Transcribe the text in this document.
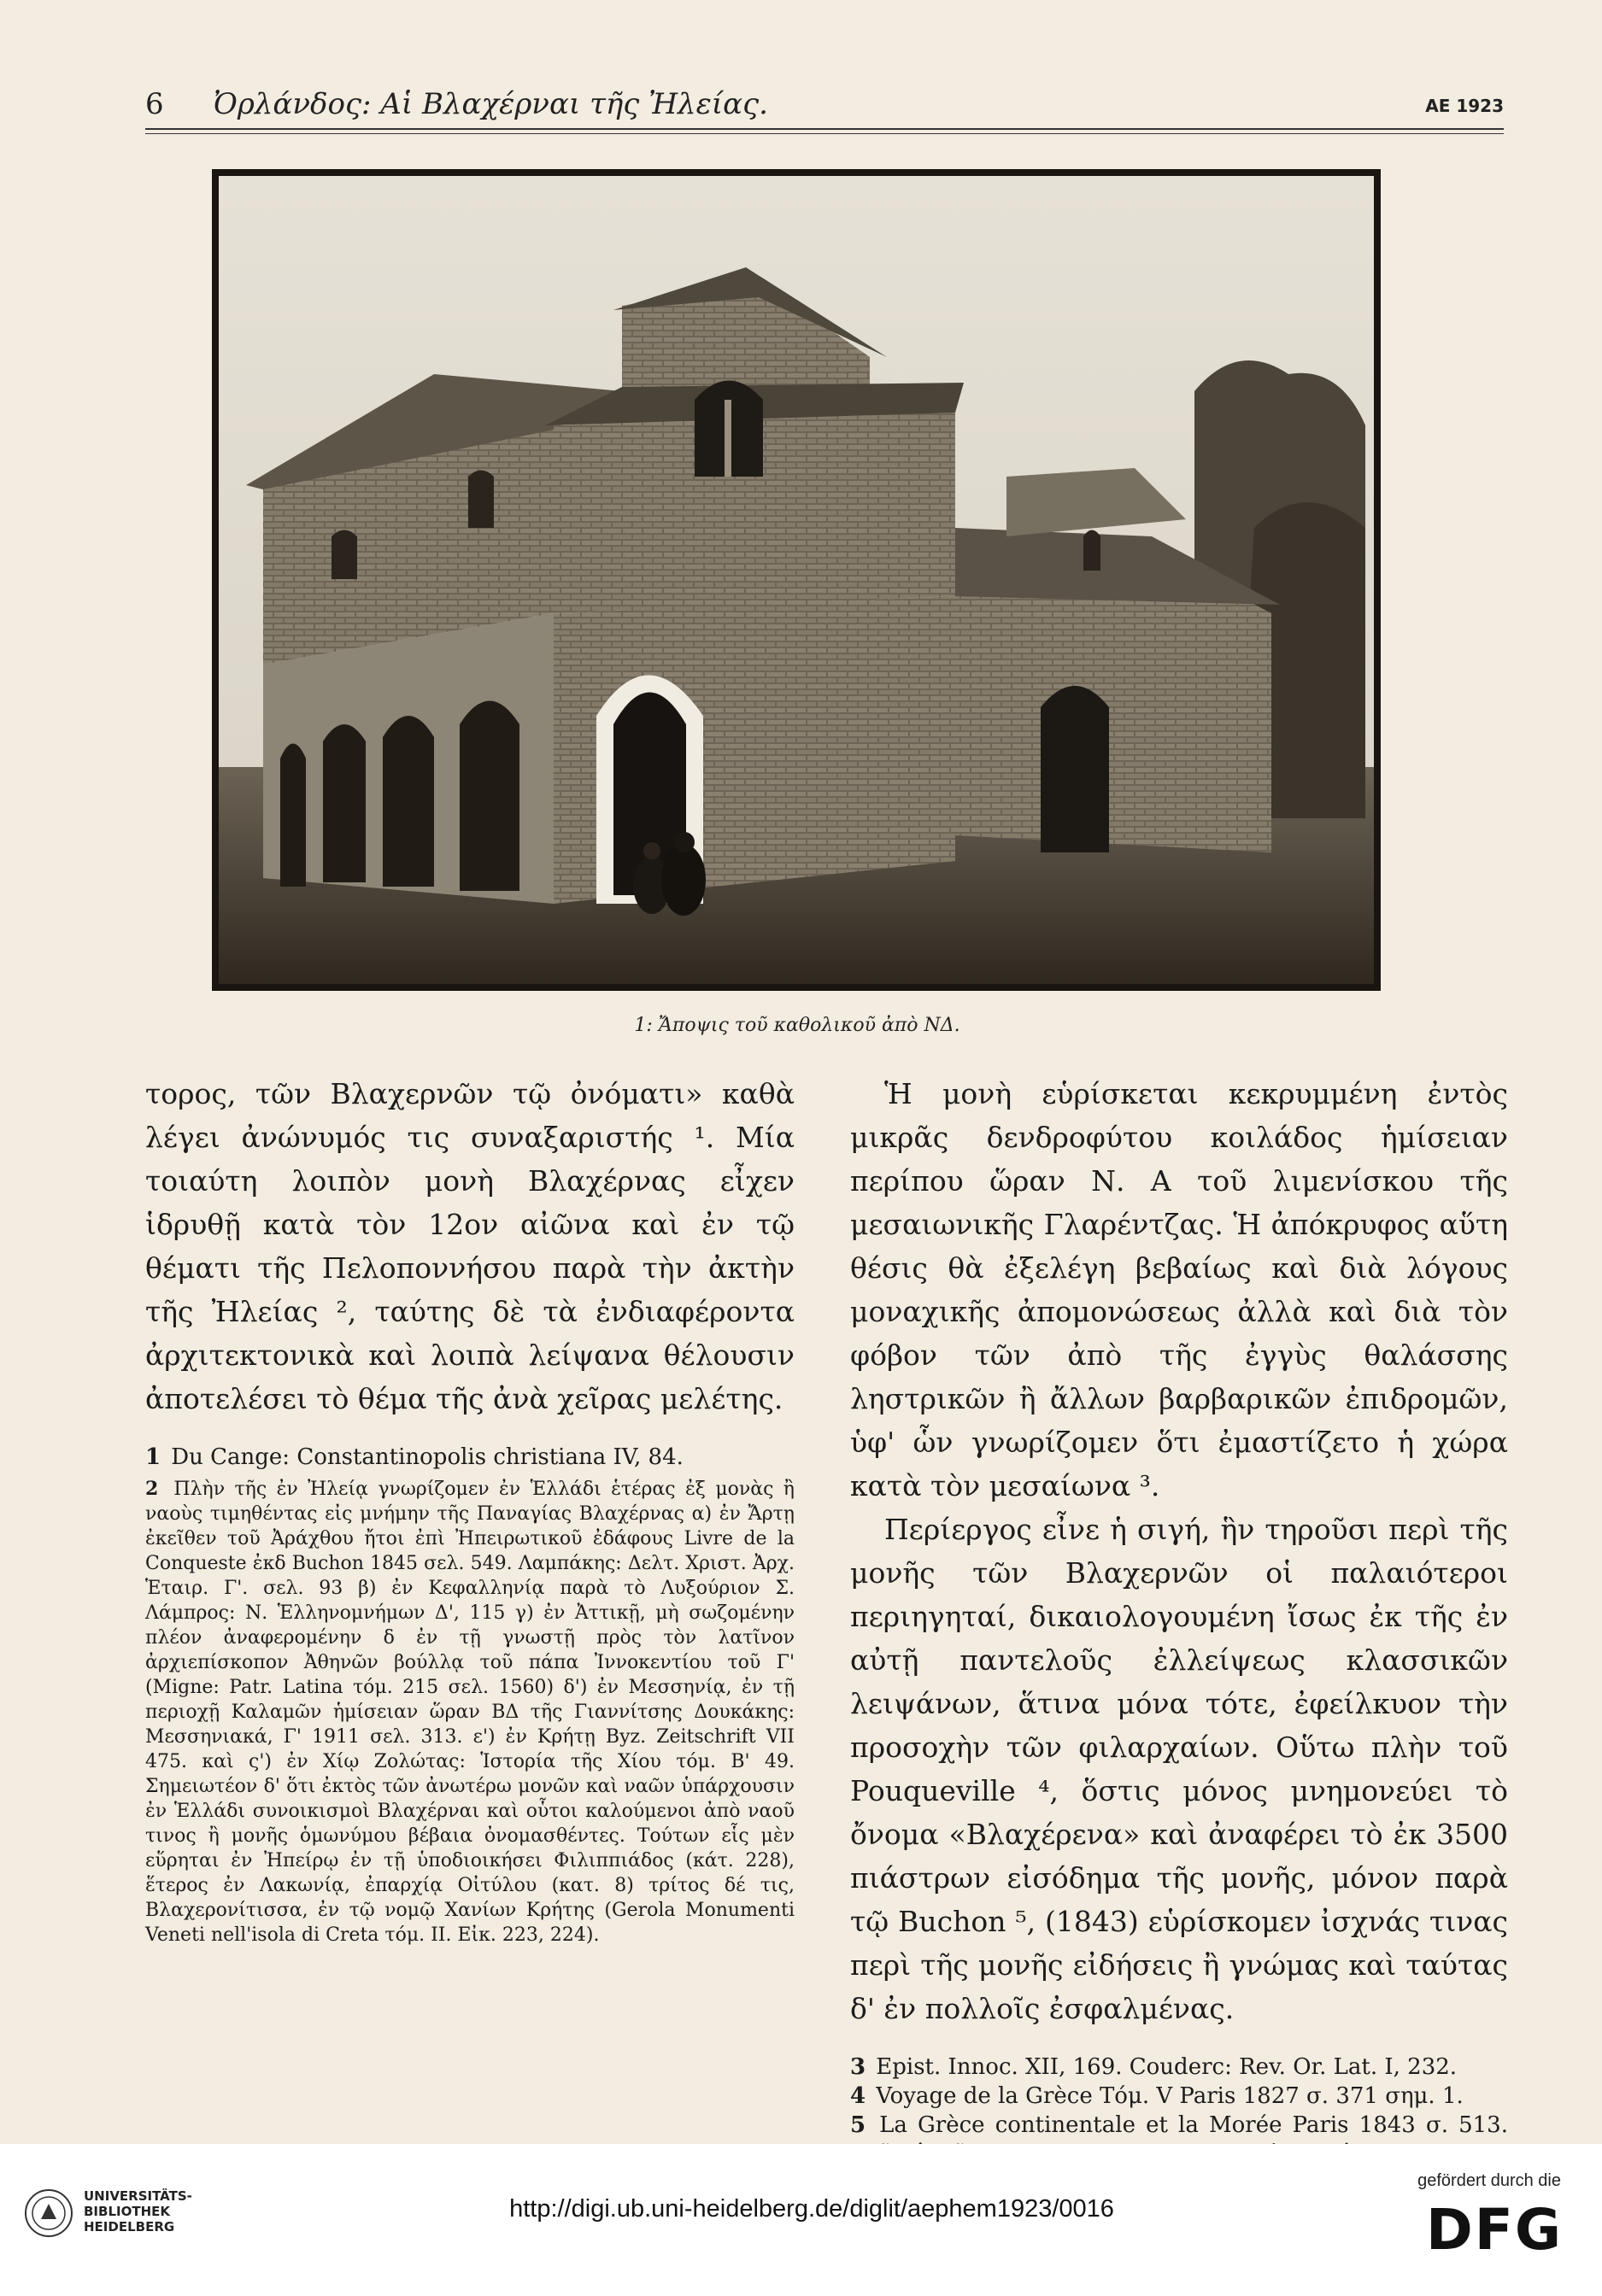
6 Ὀρλάνδος: Αἱ Βλαχέρναι τῆς Ἠλείας.	ΑΕ 1923
1: Ἄποψις τοῦ καθολικοῦ ἀπὸ ΝΔ.

τορος, τῶν Βλαχερνῶν τῷ ὀνόματι» καθὰ λέγει ἀνώνυμός τις συναξαριστής ¹. Μία τοιαύτη λοιπὸν μονὴ Βλαχέρνας εἶχεν ἱδρυθῇ κατὰ τὸν 12ον αἰῶνα καὶ ἐν τῷ θέματι τῆς Πελοποννήσου παρὰ τὴν ἀκτὴν τῆς Ἠλείας ², ταύτης δὲ τὰ ἐνδιαφέροντα ἀρχιτεκτονικὰ καὶ λοιπὰ λείψανα θέλουσιν ἀποτελέσει τὸ θέμα τῆς ἀνὰ χεῖρας μελέτης.

1 Du Cange: Constantinopolis christiana IV, 84.

2 Πλὴν τῆς ἐν Ἠλείᾳ γνωρίζομεν ἐν Ἑλλάδι ἑτέρας ἐξ μονὰς ἢ ναοὺς τιμηθέντας εἰς μνήμην τῆς Παναγίας Βλαχέρνας α) ἐν Ἄρτῃ ἐκεῖθεν τοῦ Ἀράχθου ἤτοι ἐπὶ Ἠπειρωτικοῦ ἐδάφους Livre de la Conqueste ἐκδ Buchon 1845 σελ. 549. Λαμπάκης: Δελτ. Χριστ. Ἀρχ. Ἑταιρ. Γ'. σελ. 93 β) ἐν Κεφαλληνίᾳ παρὰ τὸ Λυξούριον Σ. Λάμπρος: Ν. Ἑλληνομνήμων Δ', 115 γ) ἐν Ἀττικῇ, μὴ σωζομένην πλέον ἀναφερομένην δ ἐν τῇ γνωστῇ πρὸς τὸν λατῖνον ἀρχιεπίσκοπον Ἀθηνῶν βούλλᾳ τοῦ πάπα Ἰννοκεντίου τοῦ Γ' (Migne: Patr. Latina τόμ. 215 σελ. 1560) δ') ἐν Μεσσηνίᾳ, ἐν τῇ περιοχῇ Καλαμῶν ἡμίσειαν ὥραν ΒΔ τῆς Γιαννίτσης Δουκάκης: Μεσσηνιακά, Γ' 1911 σελ. 313. ε') ἐν Κρήτῃ Byz. Zeitschrift VII 475. καὶ ς') ἐν Χίῳ Ζολώτας: Ἱστορία τῆς Χίου τόμ. Β' 49. Σημειωτέον δ' ὅτι ἐκτὸς τῶν ἀνωτέρω μονῶν καὶ ναῶν ὑπάρχουσιν ἐν Ἑλλάδι συνοικισμοὶ Βλαχέρναι καὶ οὗτοι καλούμενοι ἀπὸ ναοῦ τινος ἢ μονῆς ὁμωνύμου βέβαια ὀνομασθέντες. Τούτων εἷς μὲν εὕρηται ἐν Ἠπείρῳ ἐν τῇ ὑποδιοικήσει Φιλιππιάδος (κάτ. 228), ἕτερος ἐν Λακωνίᾳ, ἐπαρχίᾳ Οἰτύλου (κατ. 8) τρίτος δέ τις, Βλαχερονίτισσα, ἐν τῷ νομῷ Χανίων Κρήτης (Gerola Monumenti Veneti nell'isola di Creta τόμ. II. Εἰκ. 223, 224).

Ἡ μονὴ εὑρίσκεται κεκρυμμένη ἐντὸς μικρᾶς δενδροφύτου κοιλάδος ἡμίσειαν περίπου ὥραν Ν. Α τοῦ λιμενίσκου τῆς μεσαιωνικῆς Γλαρέντζας. Ἡ ἀπόκρυφος αὕτη θέσις θὰ ἐξελέγη βεβαίως καὶ διὰ λόγους μοναχικῆς ἀπομονώσεως ἀλλὰ καὶ διὰ τὸν φόβον τῶν ἀπὸ τῆς ἐγγὺς θαλάσσης ληστρικῶν ἢ ἄλλων βαρβαρικῶν ἐπιδρομῶν, ὑφ' ὧν γνωρίζομεν ὅτι ἐμαστίζετο ἡ χώρα κατὰ τὸν μεσαίωνα ³.

Περίεργος εἶνε ἡ σιγή, ἣν τηροῦσι περὶ τῆς μονῆς τῶν Βλαχερνῶν οἱ παλαιότεροι περιηγηταί, δικαιολογουμένη ἴσως ἐκ τῆς ἐν αὐτῇ παντελοῦς ἐλλείψεως κλασσικῶν λειψάνων, ἅτινα μόνα τότε, ἐφείλκυον τὴν προσοχὴν τῶν φιλαρχαίων. Οὕτω πλὴν τοῦ Pouqueville ⁴, ὅστις μόνος μνημονεύει τὸ ὄνομα «Βλαχέρενα» καὶ ἀναφέρει τὸ ἐκ 3500 πιάστρων εἰσόδημα τῆς μονῆς, μόνον παρὰ τῷ Buchon ⁵, (1843) εὑρίσκομεν ἰσχνάς τινας περὶ τῆς μονῆς εἰδήσεις ἢ γνώμας καὶ ταύτας δ' ἐν πολλοῖς ἐσφαλμένας.

3 Epist. Innoc. XII, 169. Couderc: Rev. Or. Lat. I, 232.

4 Voyage de la Grèce Τόμ. V Paris 1827 σ. 371 σημ. 1.

5 La Grèce continentale et la Morée Paris 1843 σ. 513.

UNIVERSITÄTS-
BIBLIOTHEK
HEIDELBERG
http://digi.ub.uni-heidelberg.de/diglit/aephem1923/0016
gefördert durch die
DFG
